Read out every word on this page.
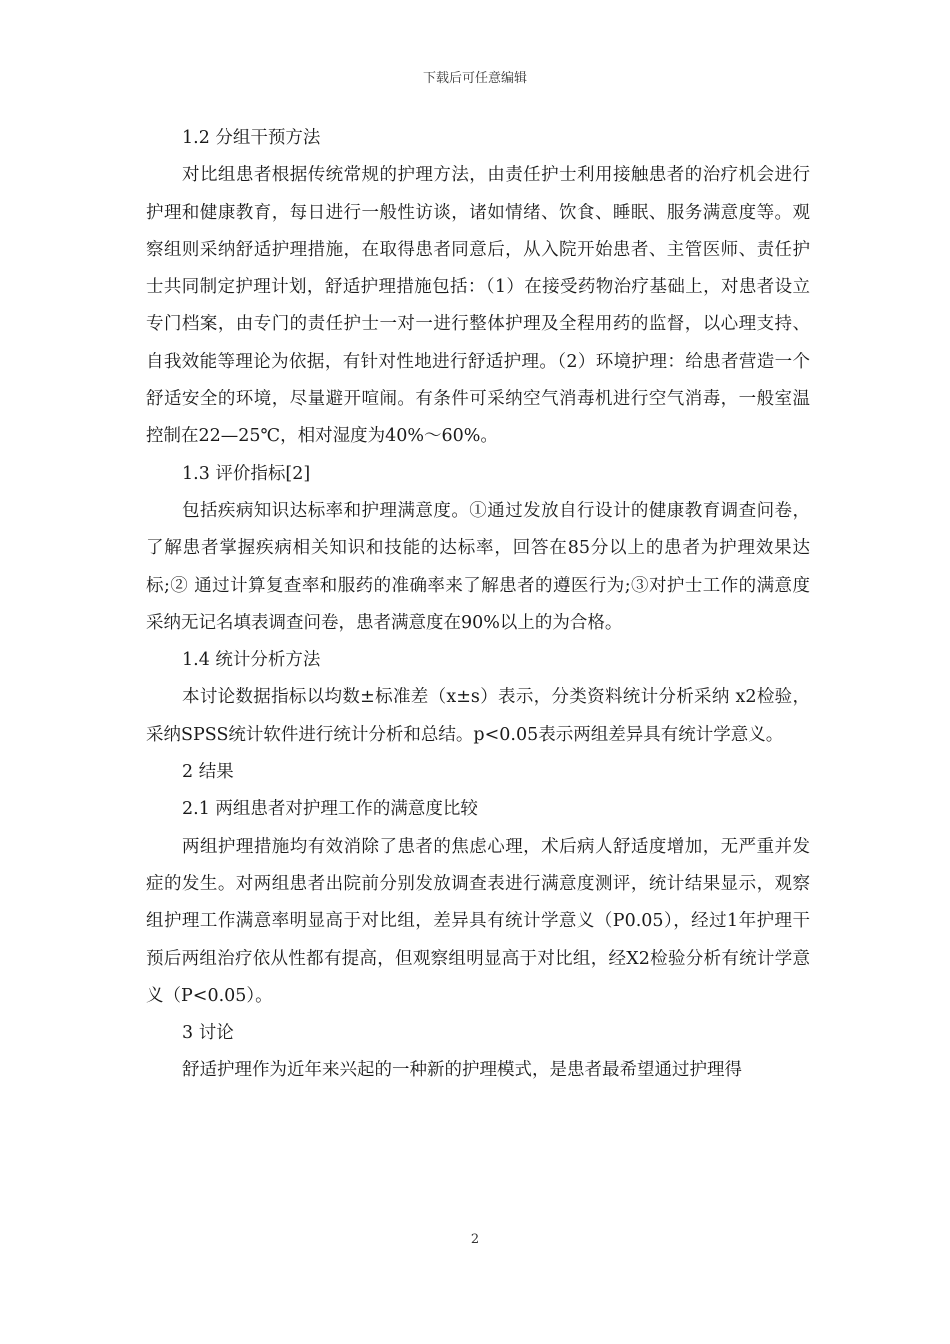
下载后可任意编辑

1.2 分组干预方法

对比组患者根据传统常规的护理方法，由责任护士利用接触患者的治疗机会进行护理和健康教育，每日进行一般性访谈，诸如情绪、饮食、睡眠、服务满意度等。观察组则采纳舒适护理措施，在取得患者同意后，从入院开始患者、主管医师、责任护士共同制定护理计划，舒适护理措施包括：（1）在接受药物治疗基础上，对患者设立专门档案，由专门的责任护士一对一进行整体护理及全程用药的监督，以心理支持、自我效能等理论为依据，有针对性地进行舒适护理。（2）环境护理：给患者营造一个舒适安全的环境，尽量避开喧闹。有条件可采纳空气消毒机进行空气消毒，一般室温控制在22—25℃，相对湿度为40%～60%。

1.3 评价指标[2]

包括疾病知识达标率和护理满意度。①通过发放自行设计的健康教育调查问卷，了解患者掌握疾病相关知识和技能的达标率，回答在85分以上的患者为护理效果达标;② 通过计算复查率和服药的准确率来了解患者的遵医行为;③对护士工作的满意度采纳无记名填表调查问卷，患者满意度在90%以上的为合格。

1.4 统计分析方法

本讨论数据指标以均数±标准差（x±s）表示，分类资料统计分析采纳 x2检验，采纳SPSS统计软件进行统计分析和总结。p<0.05表示两组差异具有统计学意义。

2 结果

2.1 两组患者对护理工作的满意度比较

两组护理措施均有效消除了患者的焦虑心理，术后病人舒适度增加，无严重并发症的发生。对两组患者出院前分别发放调查表进行满意度测评，统计结果显示，观察组护理工作满意率明显高于对比组，差异具有统计学意义（P0.05），经过1年护理干预后两组治疗依从性都有提高，但观察组明显高于对比组，经X2检验分析有统计学意义（P<0.05）。

3 讨论

舒适护理作为近年来兴起的一种新的护理模式，是患者最希望通过护理得

2
